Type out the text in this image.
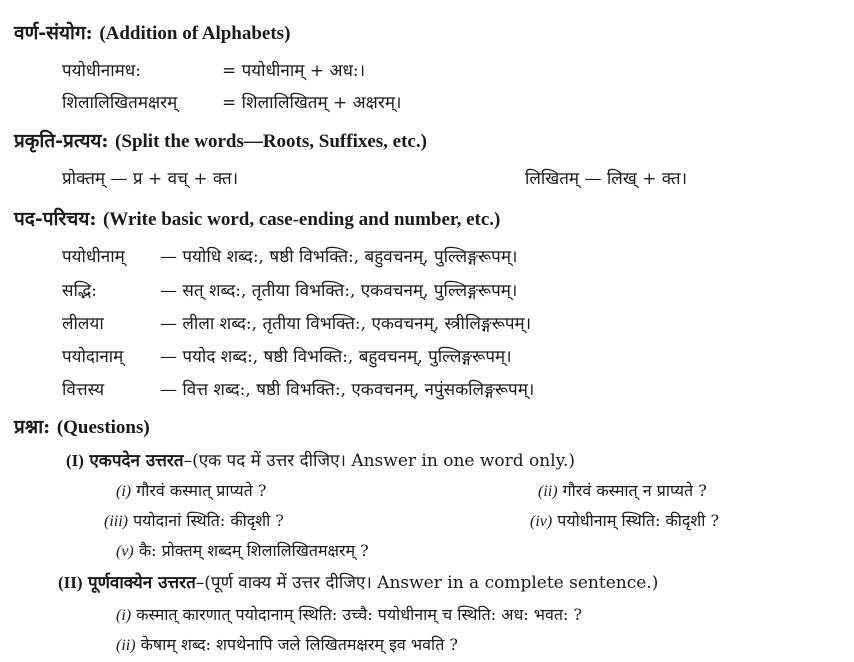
वर्ण-संयोग: (Addition of Alphabets)
पयोधीनामध:	= पयोधीनाम् + अध:।
शिलालिखितमक्षरम्	= शिलालिखितम् + अक्षरम्।
प्रकृति-प्रत्यय: (Split the words—Roots, Suffixes, etc.)
प्रोक्तम् — प्र + वच् + क्त।	लिखितम् — लिख् + क्त।
पद-परिचय: (Write basic word, case-ending and number, etc.)
पयोधीनाम् — पयोधि शब्द:, षष्ठी विभक्ति:, बहुवचनम्, पुल्लिङ्गरूपम्।
सद्भि:	— सत् शब्द:, तृतीया विभक्ति:, एकवचनम्, पुल्लिङ्गरूपम्।
लीलया	— लीला शब्द:, तृतीया विभक्ति:, एकवचनम्, स्त्रीलिङ्गरूपम्।
पयोदानाम् — पयोद शब्द:, षष्ठी विभक्ति:, बहुवचनम्, पुल्लिङ्गरूपम्।
वित्तस्य	— वित्त शब्द:, षष्ठी विभक्ति:, एकवचनम्, नपुंसकलिङ्गरूपम्।
प्रश्ना: (Questions)
(I) एकपदेन उत्तरत–(एक पद में उत्तर दीजिए। Answer in one word only.)
(i) गौरवं कस्मात् प्राप्यते ?	(ii) गौरवं कस्मात् न प्राप्यते ?
(iii) पयोदानां स्थिति: कीदृशी ?	(iv) पयोधीनाम् स्थिति: कीदृशी ?
(v) कै: प्रोक्तम् शब्दम् शिलालिखितमक्षरम् ?
(II) पूर्णवाक्येन उत्तरत–(पूर्ण वाक्य में उत्तर दीजिए। Answer in a complete sentence.)
(i) कस्मात् कारणात् पयोदानाम् स्थिति: उच्चै: पयोधीनाम् च स्थिति: अध: भवत: ?
(ii) केषाम् शब्द: शपथेनापि जले लिखितमक्षरम् इव भवति ?
